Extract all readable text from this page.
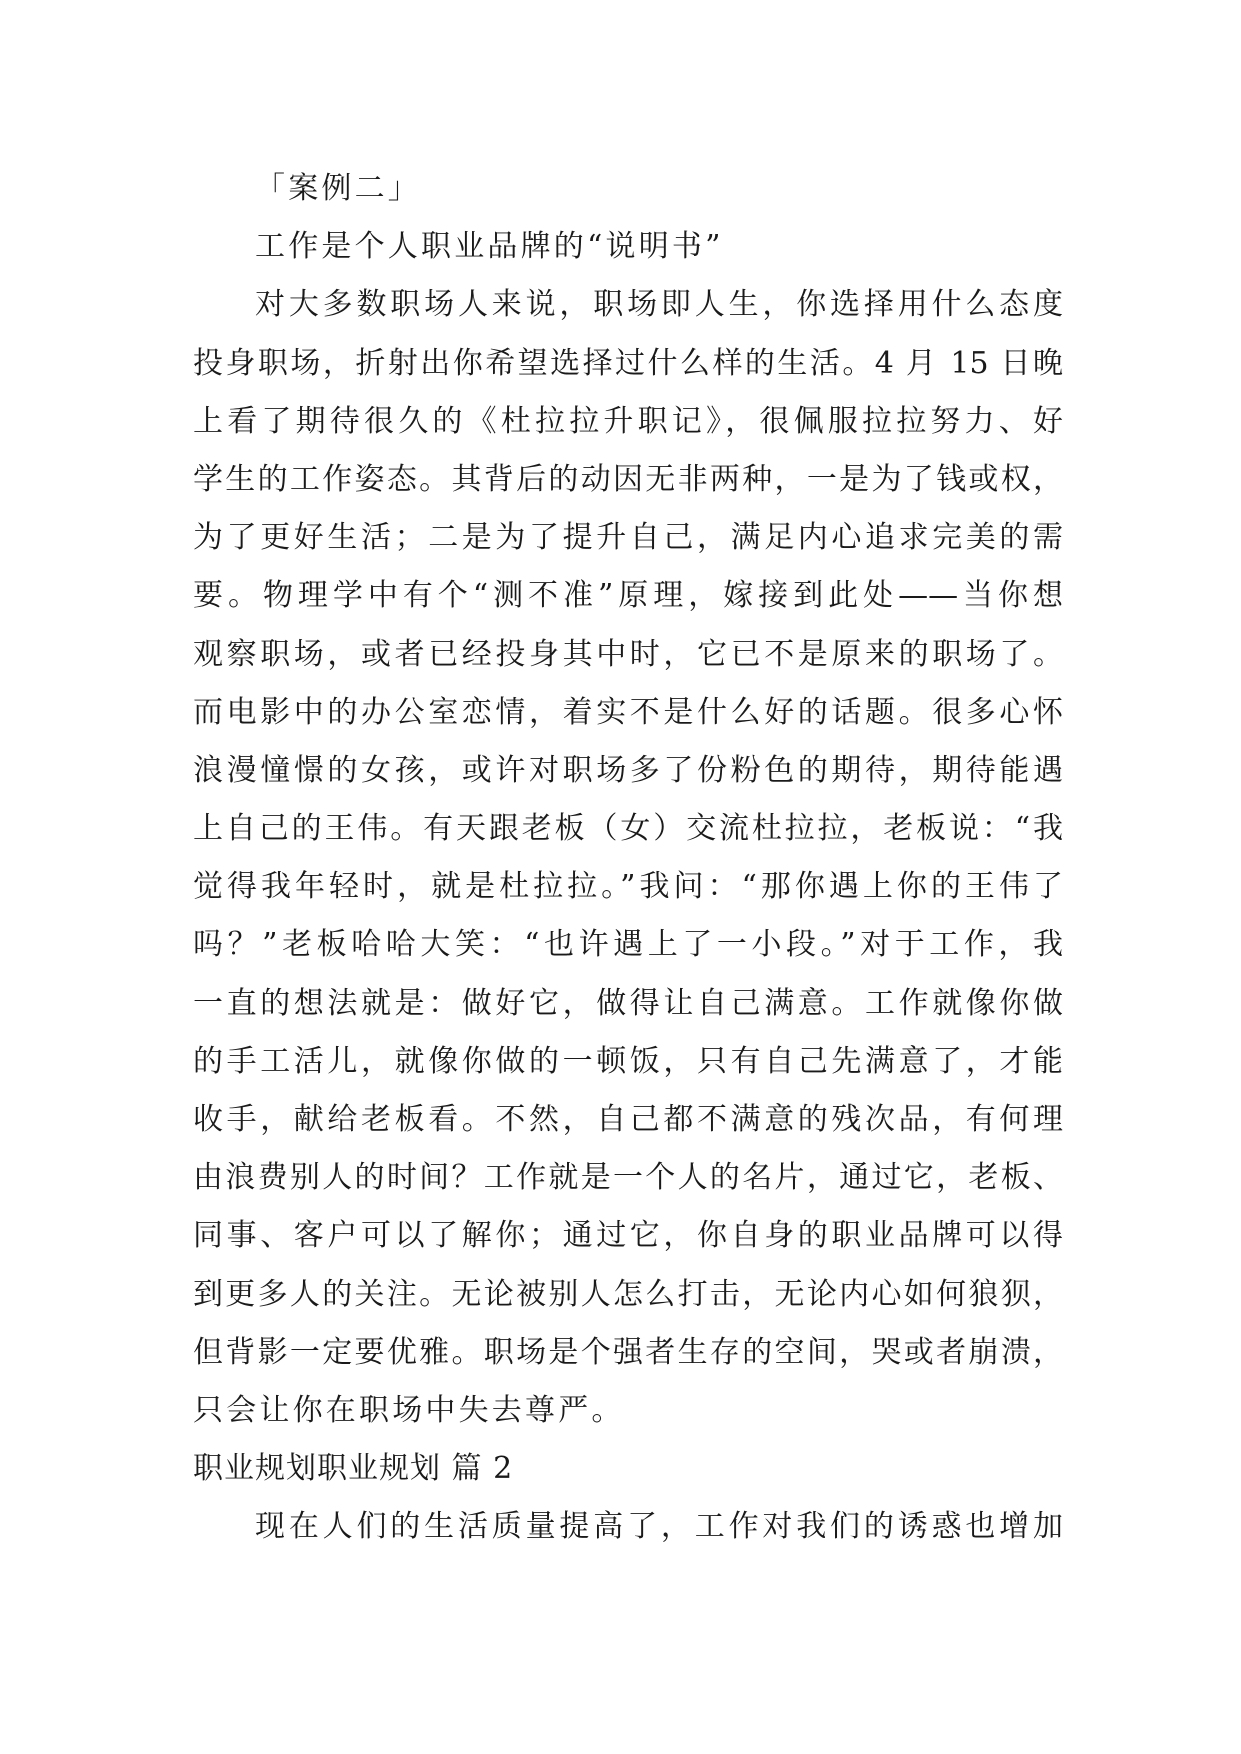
「案例二」
工作是个人职业品牌的“说明书”
对大多数职场人来说，职场即人生，你选择用什么态度
投身职场，折射出你希望选择过什么样的生活。4 月 15 日晚
上看了期待很久的《杜拉拉升职记》，很佩服拉拉努力、好
学生的工作姿态。其背后的动因无非两种，一是为了钱或权，
为了更好生活；二是为了提升自己，满足内心追求完美的需
要。物理学中有个“测不准”原理，嫁接到此处——当你想
观察职场，或者已经投身其中时，它已不是原来的职场了。
而电影中的办公室恋情，着实不是什么好的话题。很多心怀
浪漫憧憬的女孩，或许对职场多了份粉色的期待，期待能遇
上自己的王伟。有天跟老板（女）交流杜拉拉，老板说：“我
觉得我年轻时，就是杜拉拉。”我问：“那你遇上你的王伟了
吗？”老板哈哈大笑：“也许遇上了一小段。”对于工作，我
一直的想法就是：做好它，做得让自己满意。工作就像你做
的手工活儿，就像你做的一顿饭，只有自己先满意了，才能
收手，献给老板看。不然，自己都不满意的残次品，有何理
由浪费别人的时间？工作就是一个人的名片，通过它，老板、
同事、客户可以了解你；通过它，你自身的职业品牌可以得
到更多人的关注。无论被别人怎么打击，无论内心如何狼狈，
但背影一定要优雅。职场是个强者生存的空间，哭或者崩溃，
只会让你在职场中失去尊严。
职业规划职业规划 篇 2
现在人们的生活质量提高了，工作对我们的诱惑也增加
